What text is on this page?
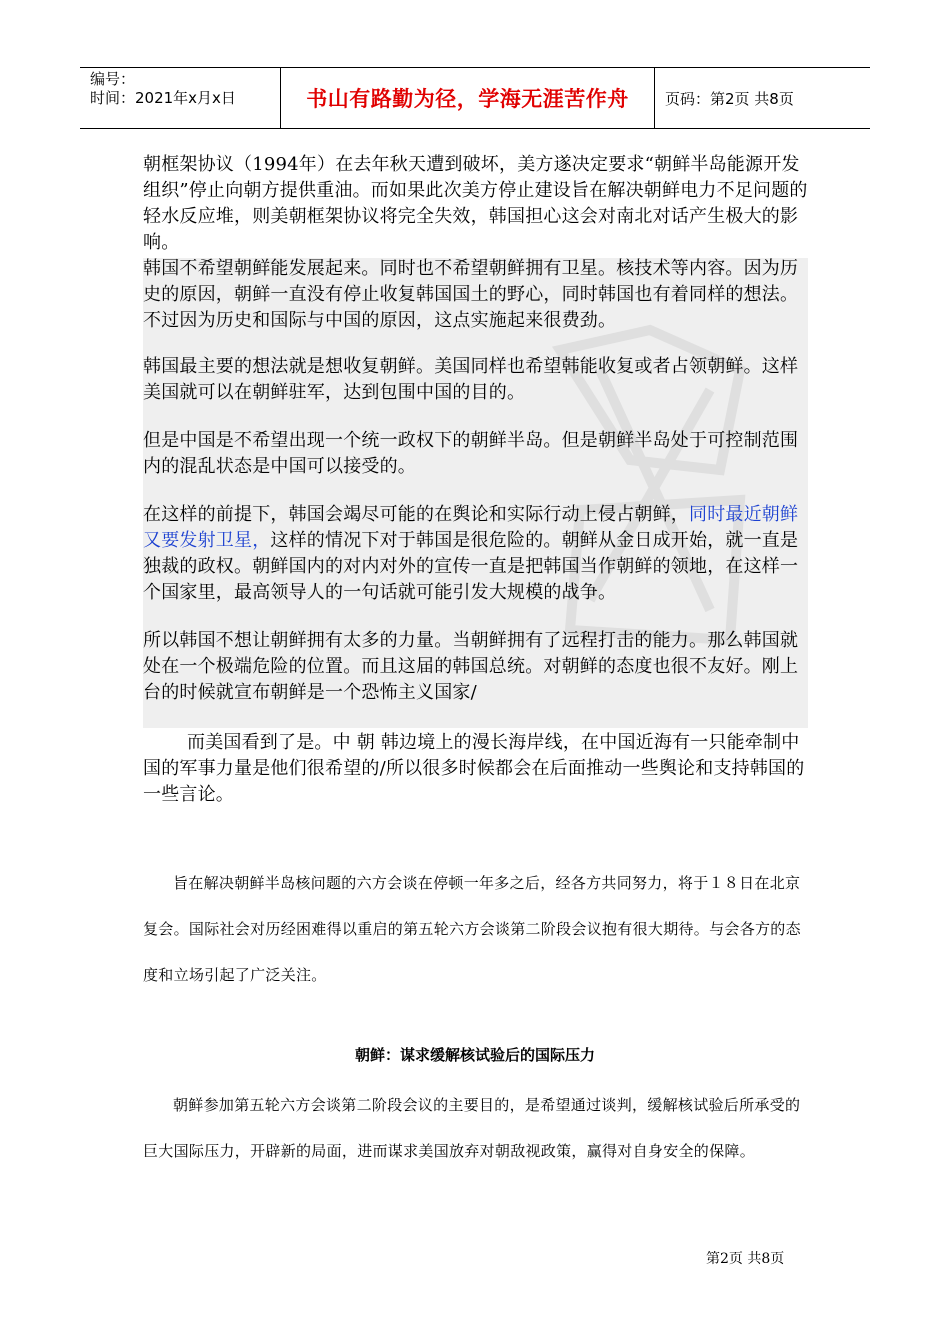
编号：
时间：2021年x月x日	书山有路勤为径，学海无涯苦作舟	页码：第2页 共8页
朝框架协议（1994年）在去年秋天遭到破坏，美方遂决定要求“朝鲜半岛能源开发组织”停止向朝方提供重油。而如果此次美方停止建设旨在解决朝鲜电力不足问题的轻水反应堆，则美朝框架协议将完全失效，韩国担心这会对南北对话产生极大的影响。
韩国不希望朝鲜能发展起来。同时也不希望朝鲜拥有卫星。核技术等内容。因为历史的原因，朝鲜一直没有停止收复韩国国土的野心，同时韩国也有着同样的想法。不过因为历史和国际与中国的原因，这点实施起来很费劲。
韩国最主要的想法就是想收复朝鲜。美国同样也希望韩能收复或者占领朝鲜。这样美国就可以在朝鲜驻军，达到包围中国的目的。
但是中国是不希望出现一个统一政权下的朝鲜半岛。但是朝鲜半岛处于可控制范围内的混乱状态是中国可以接受的。
在这样的前提下，韩国会竭尽可能的在舆论和实际行动上侵占朝鲜，同时最近朝鲜又要发射卫星，这样的情况下对于韩国是很危险的。朝鲜从金日成开始，就一直是独裁的政权。朝鲜国内的对内对外的宣传一直是把韩国当作朝鲜的领地，在这样一个国家里，最高领导人的一句话就可能引发大规模的战争。
所以韩国不想让朝鲜拥有太多的力量。当朝鲜拥有了远程打击的能力。那么韩国就处在一个极端危险的位置。而且这届的韩国总统。对朝鲜的态度也很不友好。刚上台的时候就宣布朝鲜是一个恐怖主义国家/
而美国看到了是。中 朝 韩边境上的漫长海岸线，在中国近海有一只能牵制中国的军事力量是他们很希望的/所以很多时候都会在后面推动一些舆论和支持韩国的一些言论。
旨在解决朝鲜半岛核问题的六方会谈在停顿一年多之后，经各方共同努力，将于１８日在北京复会。国际社会对历经困难得以重启的第五轮六方会谈第二阶段会议抱有很大期待。与会各方的态度和立场引起了广泛关注。
朝鲜：谋求缓解核试验后的国际压力
朝鲜参加第五轮六方会谈第二阶段会议的主要目的，是希望通过谈判，缓解核试验后所承受的巨大国际压力，开辟新的局面，进而谋求美国放弃对朝敌视政策，赢得对自身安全的保障。
第2页 共8页
